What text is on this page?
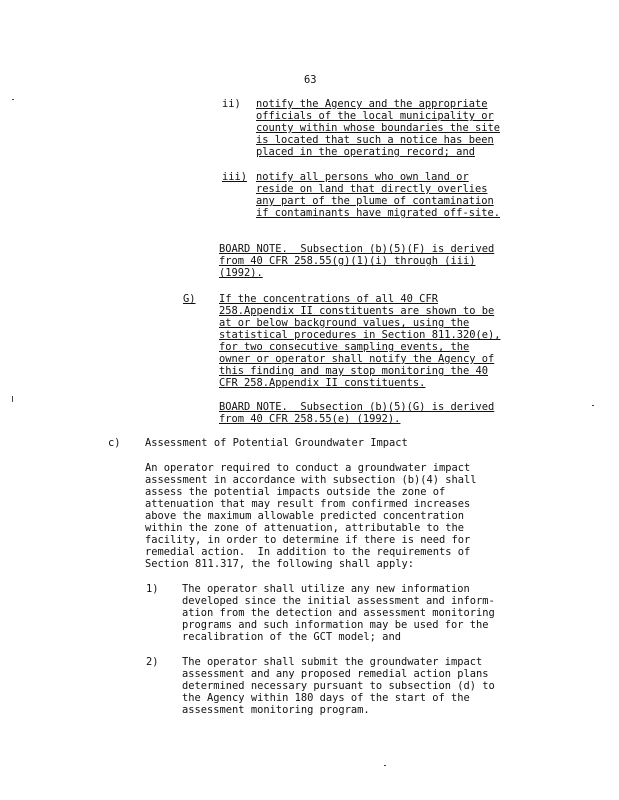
63
ii) notify the Agency and the appropriate
officials of the local municipality or
county within whose boundaries the site
is located that such a notice has been
placed in the operating record; and
iii) notify all persons who own land or
reside on land that directly overlies
any part of the plume of contamination
if contaminants have migrated off-site.
BOARD NOTE.  Subsection (b)(5)(F) is derived
from 40 CFR 258.55(g)(1)(i) through (iii)
(1992).
G) If the concentrations of all 40 CFR
258.Appendix II constituents are shown to be
at or below background values, using the
statistical procedures in Section 811.320(e),
for two consecutive sampling events, the
owner or operator shall notify the Agency of
this finding and may stop monitoring the 40
CFR 258.Appendix II constituents.
BOARD NOTE.  Subsection (b)(5)(G) is derived
from 40 CFR 258.55(e) (1992).
c) Assessment of Potential Groundwater Impact
An operator required to conduct a groundwater impact
assessment in accordance with subsection (b)(4) shall
assess the potential impacts outside the zone of
attenuation that may result from confirmed increases
above the maximum allowable predicted concentration
within the zone of attenuation, attributable to the
facility, in order to determine if there is need for
remedial action.  In addition to the requirements of
Section 811.317, the following shall apply:
1) The operator shall utilize any new information
developed since the initial assessment and inform-
ation from the detection and assessment monitoring
programs and such information may be used for the
recalibration of the GCT model; and
2) The operator shall submit the groundwater impact
assessment and any proposed remedial action plans
determined necessary pursuant to subsection (d) to
the Agency within 180 days of the start of the
assessment monitoring program.
